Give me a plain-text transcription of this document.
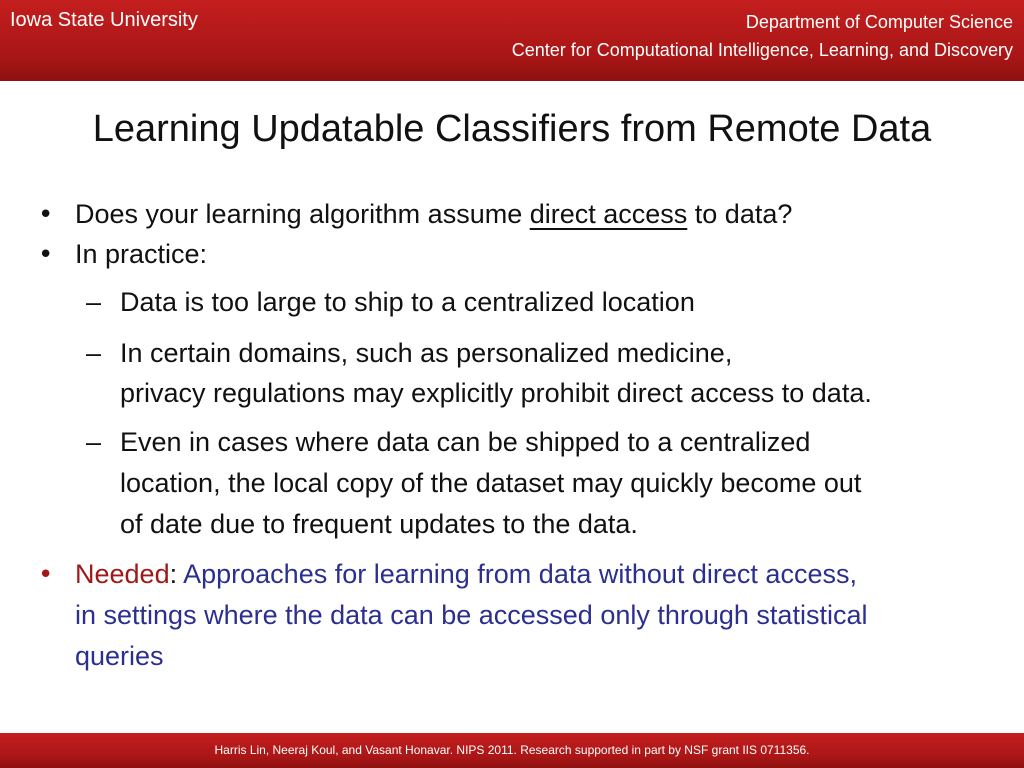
Iowa State University	Department of Computer Science
Center for Computational Intelligence, Learning, and Discovery
Learning Updatable Classifiers from Remote Data
• Does your learning algorithm assume direct access to data?
• In practice:
– Data is too large to ship to a centralized location
– In certain domains, such as personalized medicine,
privacy regulations may explicitly prohibit direct access to data.
– Even in cases where data can be shipped to a centralized
location, the local copy of the dataset may quickly become out
of date due to frequent updates to the data.
• Needed: Approaches for learning from data without direct access,
in settings where the data can be accessed only through statistical
queries
Harris Lin, Neeraj Koul, and Vasant Honavar. NIPS 2011. Research supported in part by NSF grant IIS 0711356.
